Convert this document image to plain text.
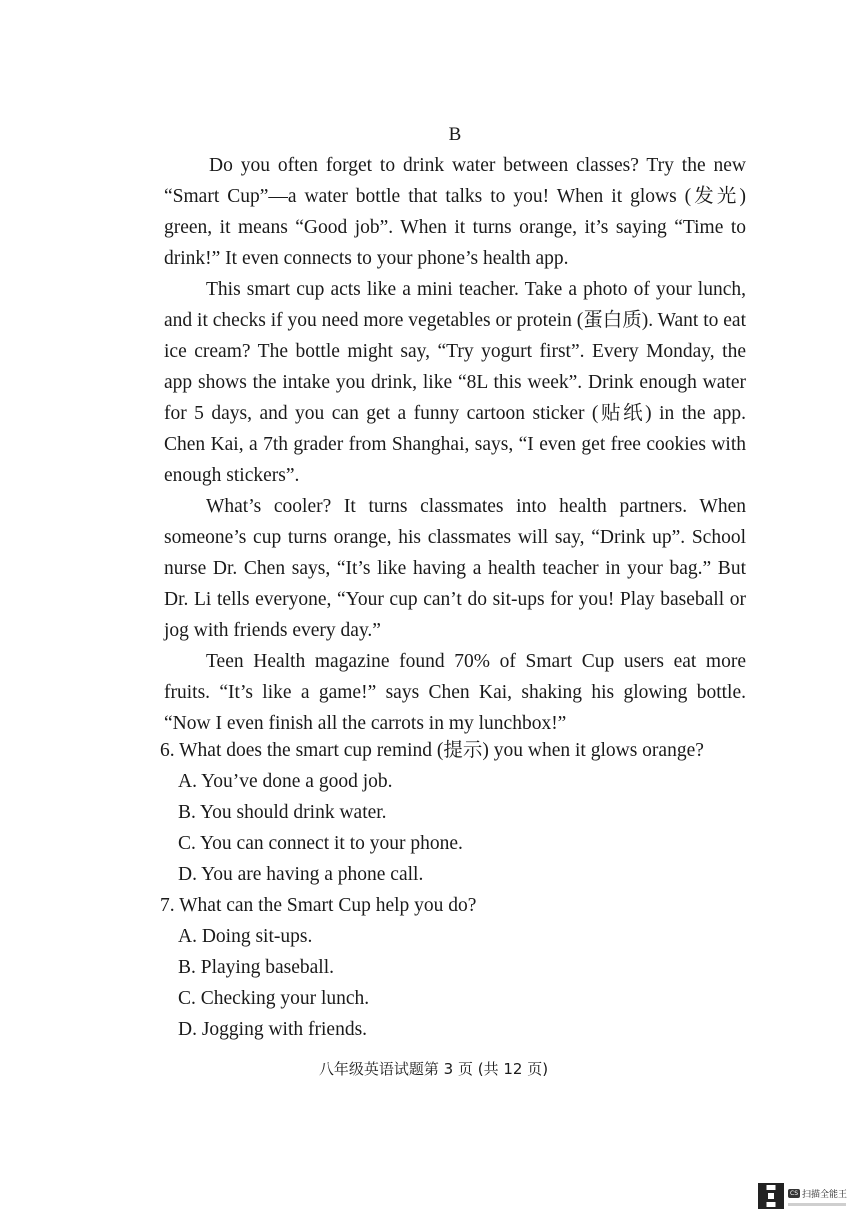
B

Do you often forget to drink water between classes? Try the new “Smart Cup”—a water bottle that talks to you! When it glows (发光) green, it means “Good job”. When it turns orange, it’s saying “Time to drink!” It even connects to your phone’s health app.

This smart cup acts like a mini teacher. Take a photo of your lunch, and it checks if you need more vegetables or protein (蛋白质). Want to eat ice cream? The bottle might say, “Try yogurt first”. Every Monday, the app shows the intake you drink, like “8L this week”. Drink enough water for 5 days, and you can get a funny cartoon sticker (贴纸) in the app. Chen Kai, a 7th grader from Shanghai, says, “I even get free cookies with enough stickers”.

What’s cooler? It turns classmates into health partners. When someone’s cup turns orange, his classmates will say, “Drink up”. School nurse Dr. Chen says, “It’s like having a health teacher in your bag.” But Dr. Li tells everyone, “Your cup can’t do sit-ups for you! Play baseball or jog with friends every day.”

Teen Health magazine found 70% of Smart Cup users eat more fruits. “It’s like a game!” says Chen Kai, shaking his glowing bottle. “Now I even finish all the carrots in my lunchbox!”

6. What does the smart cup remind (提示) you when it glows orange?

A. You’ve done a good job.
B. You should drink water.
C. You can connect it to your phone.
D. You are having a phone call.

7. What can the Smart Cup help you do?

A. Doing sit-ups.
B. Playing baseball.
C. Checking your lunch.
D. Jogging with friends.
八年级英语试题第 3 页 (共 12 页)
CS 扫描全能王
